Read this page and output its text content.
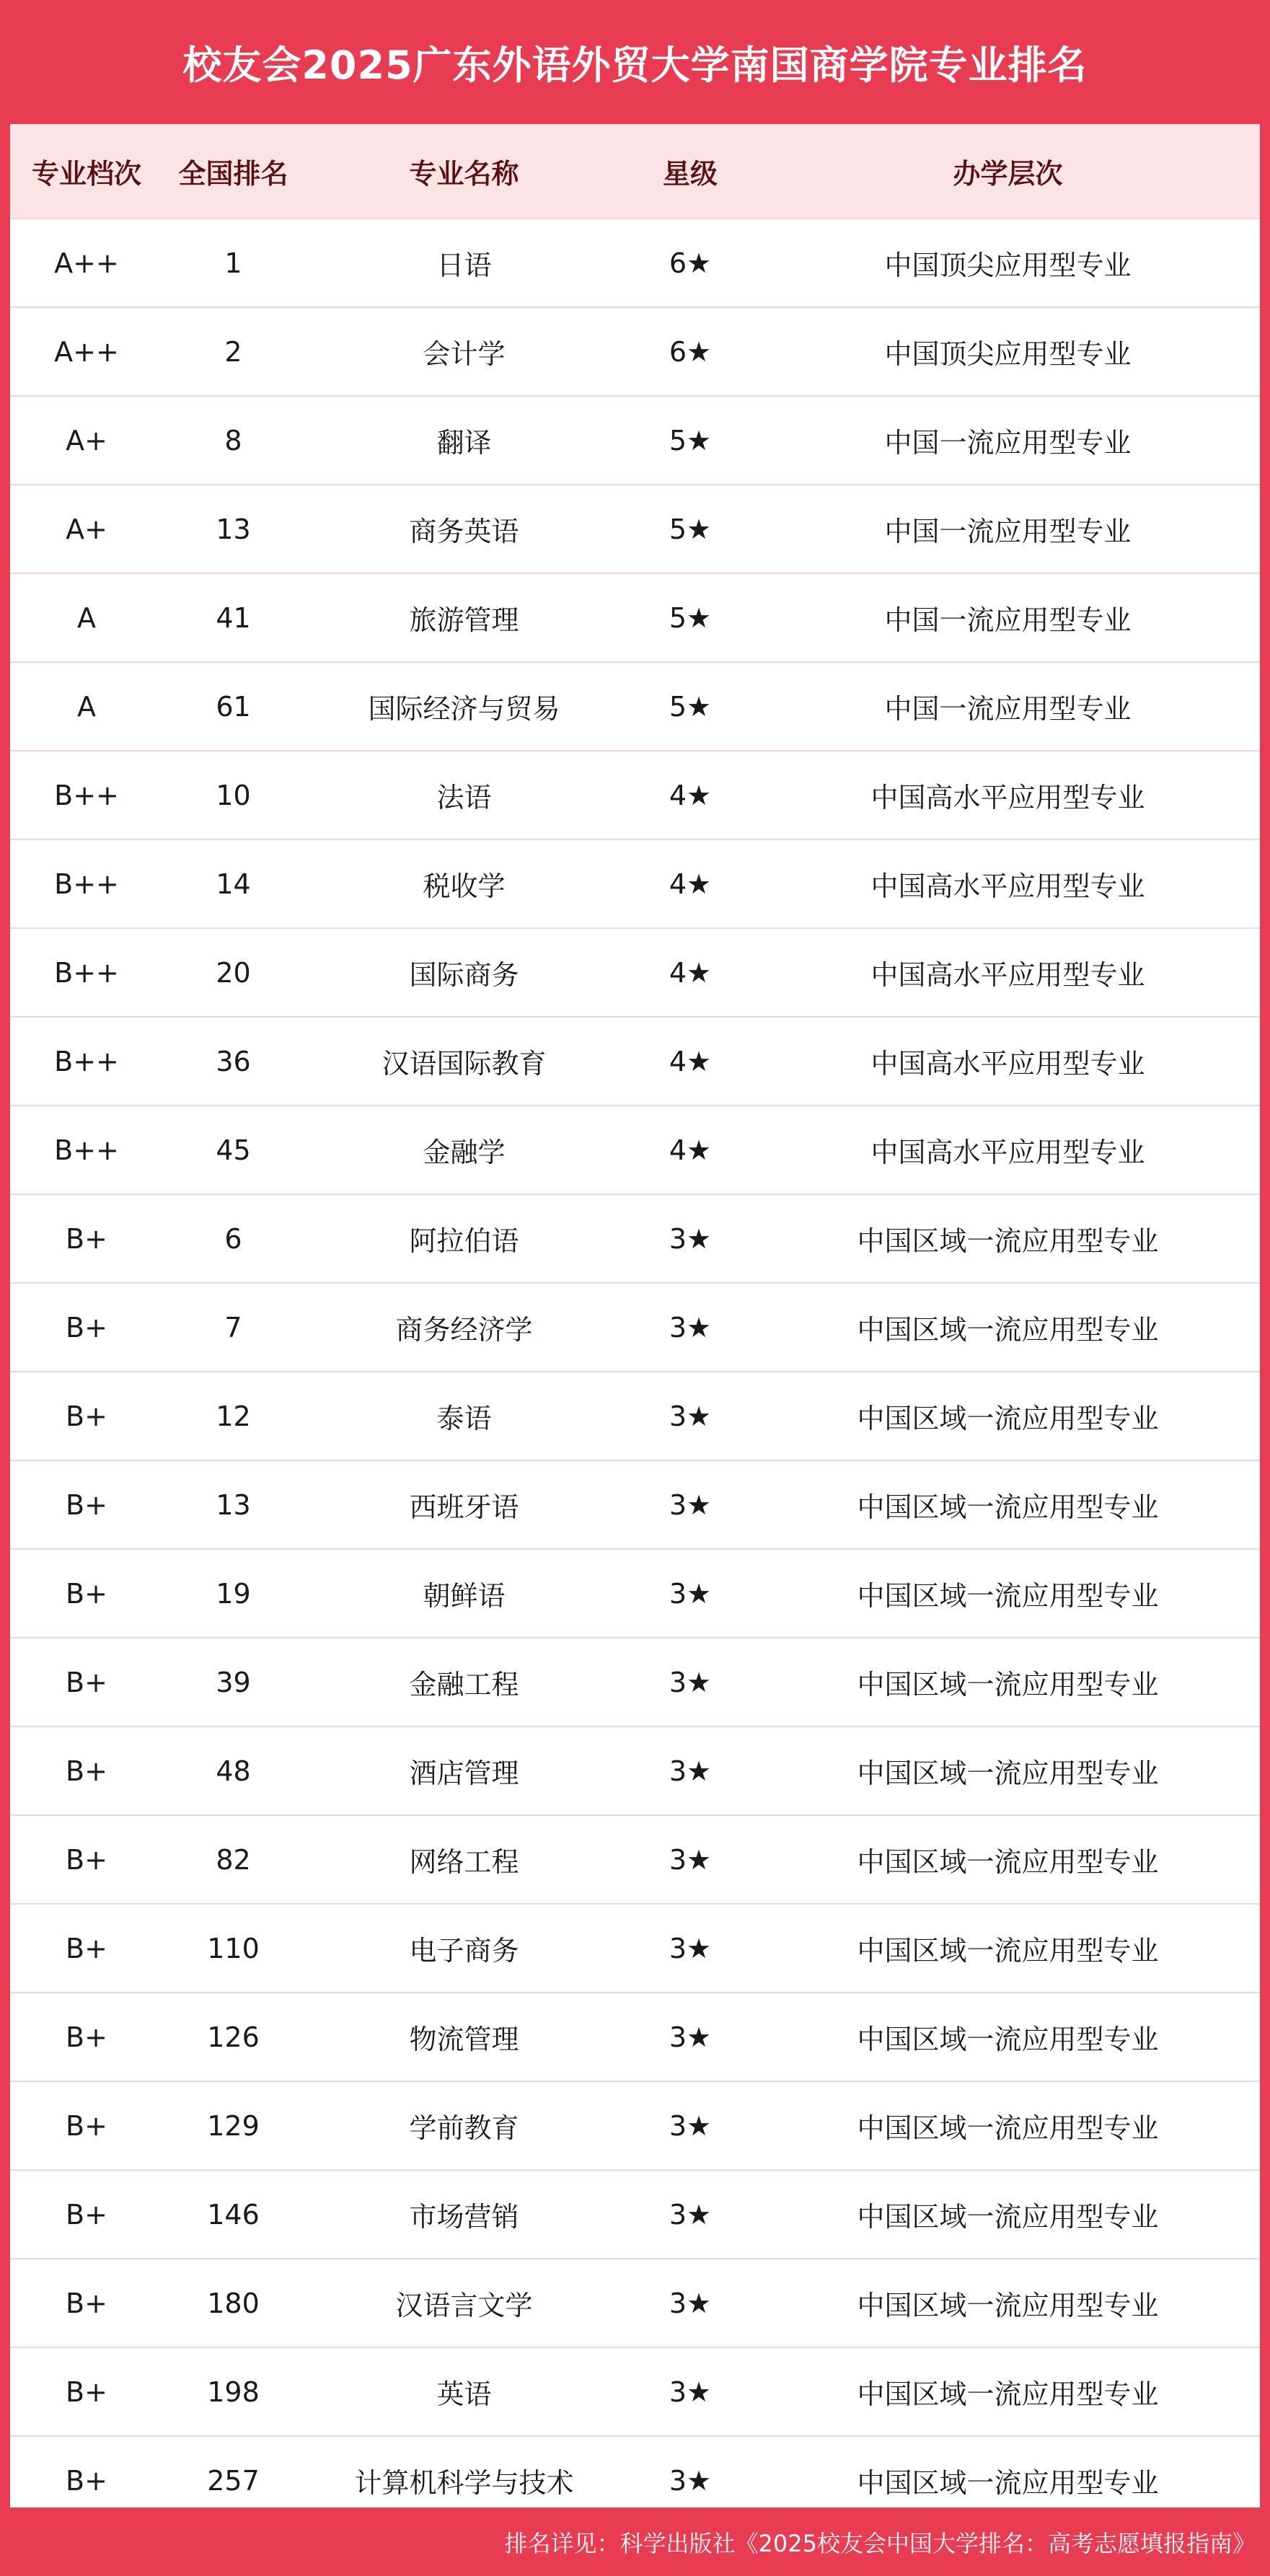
校友会2025广东外语外贸大学南国商学院专业排名
专业档次	全国排名	专业名称	星级	办学层次
A++	1	日语	6★	中国顶尖应用型专业
A++	2	会计学	6★	中国顶尖应用型专业
A+	8	翻译	5★	中国一流应用型专业
A+	13	商务英语	5★	中国一流应用型专业
A	41	旅游管理	5★	中国一流应用型专业
A	61	国际经济与贸易	5★	中国一流应用型专业
B++	10	法语	4★	中国高水平应用型专业
B++	14	税收学	4★	中国高水平应用型专业
B++	20	国际商务	4★	中国高水平应用型专业
B++	36	汉语国际教育	4★	中国高水平应用型专业
B++	45	金融学	4★	中国高水平应用型专业
B+	6	阿拉伯语	3★	中国区域一流应用型专业
B+	7	商务经济学	3★	中国区域一流应用型专业
B+	12	泰语	3★	中国区域一流应用型专业
B+	13	西班牙语	3★	中国区域一流应用型专业
B+	19	朝鲜语	3★	中国区域一流应用型专业
B+	39	金融工程	3★	中国区域一流应用型专业
B+	48	酒店管理	3★	中国区域一流应用型专业
B+	82	网络工程	3★	中国区域一流应用型专业
B+	110	电子商务	3★	中国区域一流应用型专业
B+	126	物流管理	3★	中国区域一流应用型专业
B+	129	学前教育	3★	中国区域一流应用型专业
B+	146	市场营销	3★	中国区域一流应用型专业
B+	180	汉语言文学	3★	中国区域一流应用型专业
B+	198	英语	3★	中国区域一流应用型专业
B+	257	计算机科学与技术	3★	中国区域一流应用型专业
排名详见：科学出版社《2025校友会中国大学排名：高考志愿填报指南》
